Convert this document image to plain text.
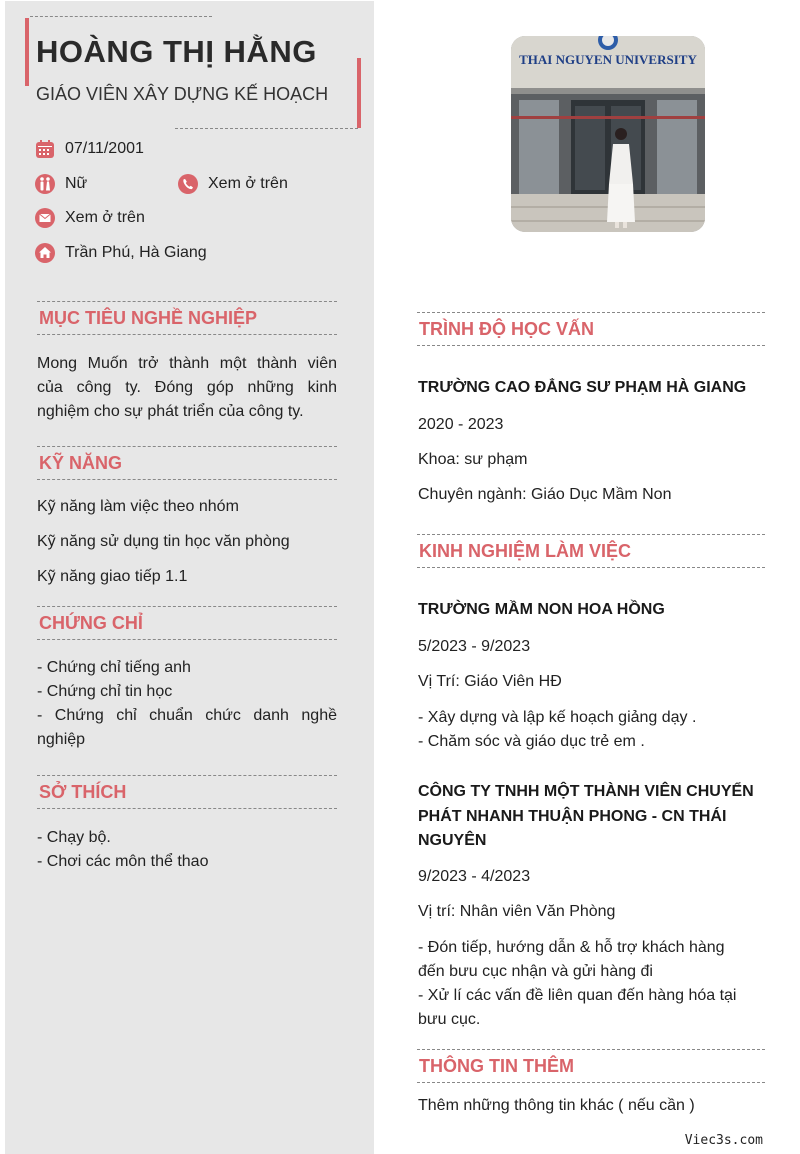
HOÀNG THỊ HẰNG
GIÁO VIÊN XÂY DỰNG KẾ HOẠCH
07/11/2001
Nữ	Xem ở trên
Xem ở trên
Trần Phú, Hà Giang
MỤC TIÊU NGHỀ NGHIỆP
Mong Muốn trở thành một thành viên
của công ty. Đóng góp những kinh
nghiệm cho sự phát triển của công ty.
KỸ NĂNG
Kỹ năng làm việc theo nhóm
Kỹ năng sử dụng tin học văn phòng
Kỹ năng giao tiếp 1.1
CHỨNG CHỈ
- Chứng chỉ tiếng anh
- Chứng chỉ tin học
- Chứng chỉ chuẩn chức danh nghề
nghiệp
SỞ THÍCH
- Chạy bộ.
- Chơi các môn thể thao
THAI NGUYEN UNIVERSITY
TRÌNH ĐỘ HỌC VẤN
TRƯỜNG CAO ĐẲNG SƯ PHẠM HÀ GIANG
2020 - 2023
Khoa: sư phạm
Chuyên ngành: Giáo Dục Mầm Non
KINH NGHIỆM LÀM VIỆC
TRƯỜNG MẦM NON HOA HỒNG
5/2023 - 9/2023
Vị Trí: Giáo Viên HĐ
- Xây dựng và lập kế hoạch giảng dạy .
- Chăm sóc và giáo dục trẻ em .
CÔNG TY TNHH MỘT THÀNH VIÊN CHUYỂN PHÁT NHANH THUẬN PHONG - CN THÁI NGUYÊN
9/2023 - 4/2023
Vị trí: Nhân viên Văn Phòng
- Đón tiếp, hướng dẫn & hỗ trợ khách hàng
đến bưu cục nhận và gửi hàng đi
- Xử lí các vấn đề liên quan đến hàng hóa tại
bưu cục.
THÔNG TIN THÊM
Thêm những thông tin khác ( nếu cần )
Viec3s.com
